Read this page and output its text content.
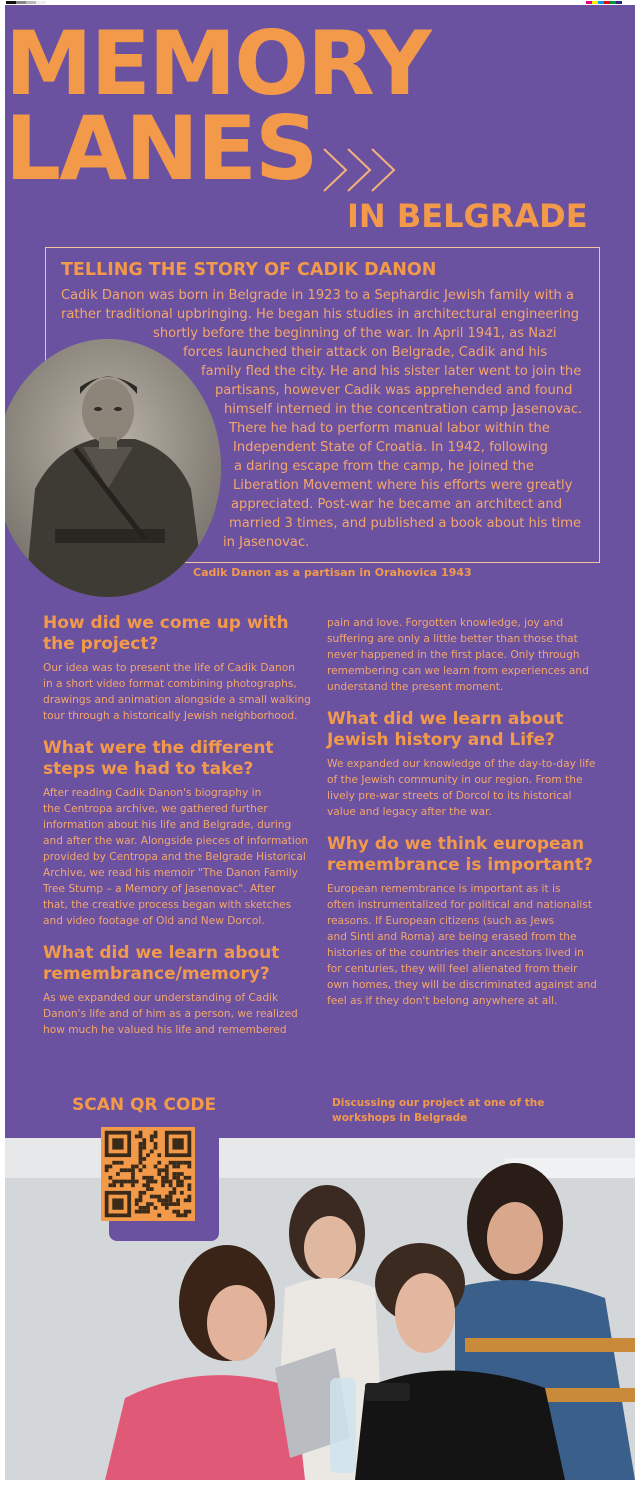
MEMORY
LANES
IN BELGRADE
TELLING THE STORY OF CADIK DANON
Cadik Danon was born in Belgrade in 1923 to a Sephardic Jewish family with a
rather traditional upbringing. He began his studies in architectural engineering
shortly before the beginning of the war. In April 1941, as Nazi
forces launched their attack on Belgrade, Cadik and his
family fled the city. He and his sister later went to join the
partisans, however Cadik was apprehended and found
himself interned in the concentration camp Jasenovac.
There he had to perform manual labor within the
Independent State of Croatia. In 1942, following
a daring escape from the camp, he joined the
Liberation Movement where his efforts were greatly
appreciated. Post-war he became an architect and
married 3 times, and published a book about his time
in Jasenovac.
Cadik Danon as a partisan in Orahovica 1943

How did we come up with

the project?

Our idea was to present the life of Cadik Danon

in a short video format combining photographs,

drawings and animation alongside a small walking

tour through a historically Jewish neighborhood.

What were the different

steps we had to take?

After reading Cadik Danon's biography in

the Centropa archive, we gathered further

information about his life and Belgrade, during

and after the war. Alongside pieces of information

provided by Centropa and the Belgrade Historical

Archive, we read his memoir "The Danon Family

Tree Stump – a Memory of Jasenovac". After

that, the creative process began with sketches

and video footage of Old and New Dorcol.

What did we learn about

remembrance/memory?

As we expanded our understanding of Cadik

Danon's life and of him as a person, we realized

how much he valued his life and remembered

pain and love. Forgotten knowledge, joy and

suffering are only a little better than those that

never happened in the first place. Only through

remembering can we learn from experiences and

understand the present moment.

What did we learn about

Jewish history and Life?

We expanded our knowledge of the day-to-day life

of the Jewish community in our region. From the

lively pre-war streets of Dorcol to its historical

value and legacy after the war.

Why do we think european

remembrance is important?

European remembrance is important as it is

often instrumentalized for political and nationalist

reasons. If European citizens (such as Jews

and Sinti and Roma) are being erased from the

histories of the countries their ancestors lived in

for centuries, they will feel alienated from their

own homes, they will be discriminated against and

feel as if they don't belong anywhere at all.

SCAN QR CODE	Discussing our project at one of the
workshops in Belgrade
